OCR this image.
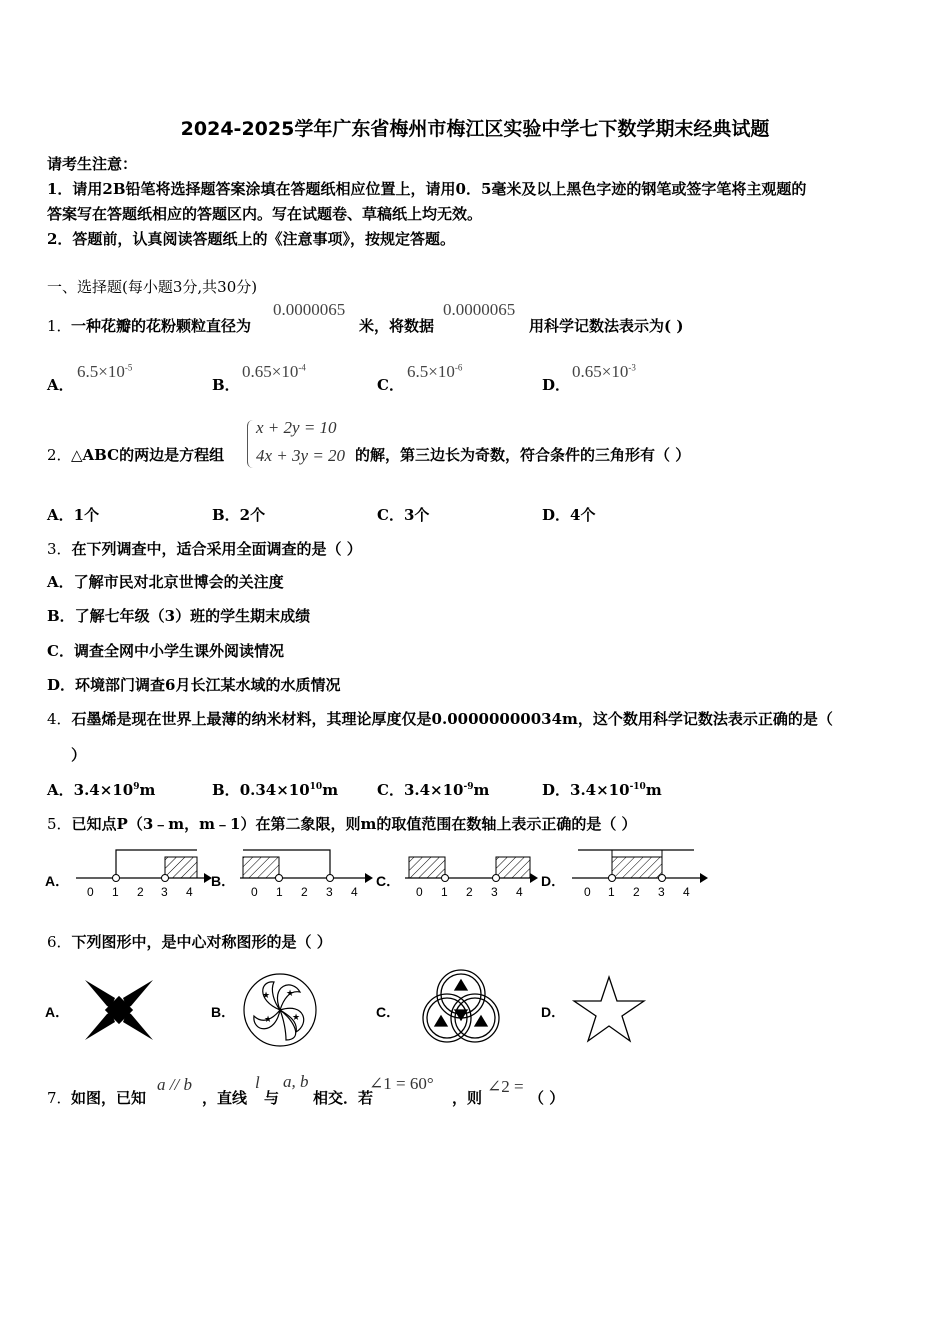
2024-2025学年广东省梅州市梅江区实验中学七下数学期末经典试题
请考生注意：
1．请用2B铅笔将选择题答案涂填在答题纸相应位置上，请用0．5毫米及以上黑色字迹的钢笔或签字笔将主观题的
答案写在答题纸相应的答题区内。写在试题卷、草稿纸上均无效。
2．答题前，认真阅读答题纸上的《注意事项》，按规定答题。
一、选择题(每小题3分,共30分)
1． 一种花瓣的花粉颗粒直径为
0.0000065
米，将数据
0.0000065
用科学记数法表示为( )
A．
$6.5\times 10^{-5}$
B．
$0.65\times 10^{-4}$
C．
$6.5\times 10^{-6}$
D．
$0.65\times 10^{-3}$
2． △ABC的两边是方程组
x + 2y = 10
4x + 3y = 20 的解，第三边长为奇数，符合条件的三角形有（ ）
A．1个	B．2个	C．3个	D．4个
3．在下列调查中，适合采用全面调查的是（ ）
A．了解市民对北京世博会的关注度
B．了解七年级（3）班的学生期末成绩
C．调查全网中小学生课外阅读情况
D．环境部门调查6月长江某水域的水质情况
4．石墨烯是现在世界上最薄的纳米材料，其理论厚度仅是0.00000000034m，这个数用科学记数法表示正确的是（
）
A．$3.4\times 10^9m$	B．$0.34\times 10^{10}m$	C．$3.4\times 10^{-9}m$	D．$3.4\times 10^{-10}m$
5．已知点P（3﹣m，m﹣1）在第二象限，则m的取值范围在数轴上表示正确的是（ ）
A．
0 1 2 3 4
B．
0 1 2 3 4
C．
0 1 2 3 4
D．
0 1 2 3 4
6．下列图形中，是中心对称图形的是（ ）
A．	B．
★
★
★
★
C．	D．
7． 如图，已知
a // b
，直线
l
与
a, b
相交．若
∠1 = 60°
，则
∠2 =
（ ）
